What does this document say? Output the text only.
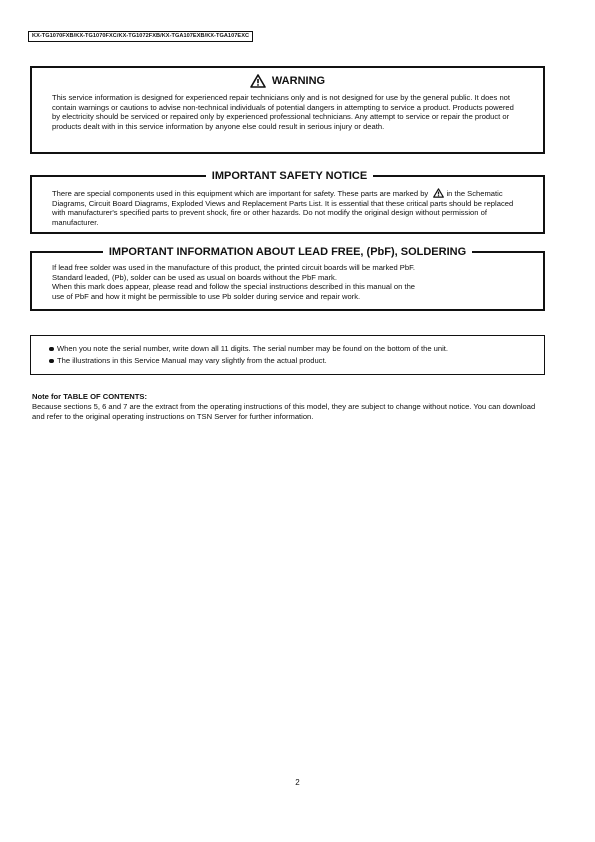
KX-TG1070FXB/KX-TG1070FXC/KX-TG1072FXB/KX-TGA107EXB/KX-TGA107EXC
WARNING

This service information is designed for experienced repair technicians only and is not designed for use by the general public. It does not contain warnings or cautions to advise non-technical individuals of potential dangers in attempting to service a product. Products powered by electricity should be serviced or repaired only by experienced professional technicians. Any attempt to service or repair the product or products dealt with in this service information by anyone else could result in serious injury or death.

IMPORTANT SAFETY NOTICE

There are special components used in this equipment which are important for safety. These parts are marked by in the Schematic Diagrams, Circuit Board Diagrams, Exploded Views and Replacement Parts List. It is essential that these critical parts should be replaced with manufacturer's specified parts to prevent shock, fire or other hazards. Do not modify the original design without permission of manufacturer.

IMPORTANT INFORMATION ABOUT LEAD FREE, (PbF), SOLDERING

If lead free solder was used in the manufacture of this product, the printed circuit boards will be marked PbF.

Standard leaded, (Pb), solder can be used as usual on boards without the PbF mark.

When this mark does appear, please read and follow the special instructions described in this manual on the

use of PbF and how it might be permissible to use Pb solder during service and repair work.

When you note the serial number, write down all 11 digits. The serial number may be found on the bottom of the unit.
The illustrations in this Service Manual may vary slightly from the actual product.

Note for TABLE OF CONTENTS:

Because sections 5, 6 and 7 are the extract from the operating instructions of this model, they are subject to change without notice. You can download and refer to the original operating instructions on TSN Server for further information.

2
